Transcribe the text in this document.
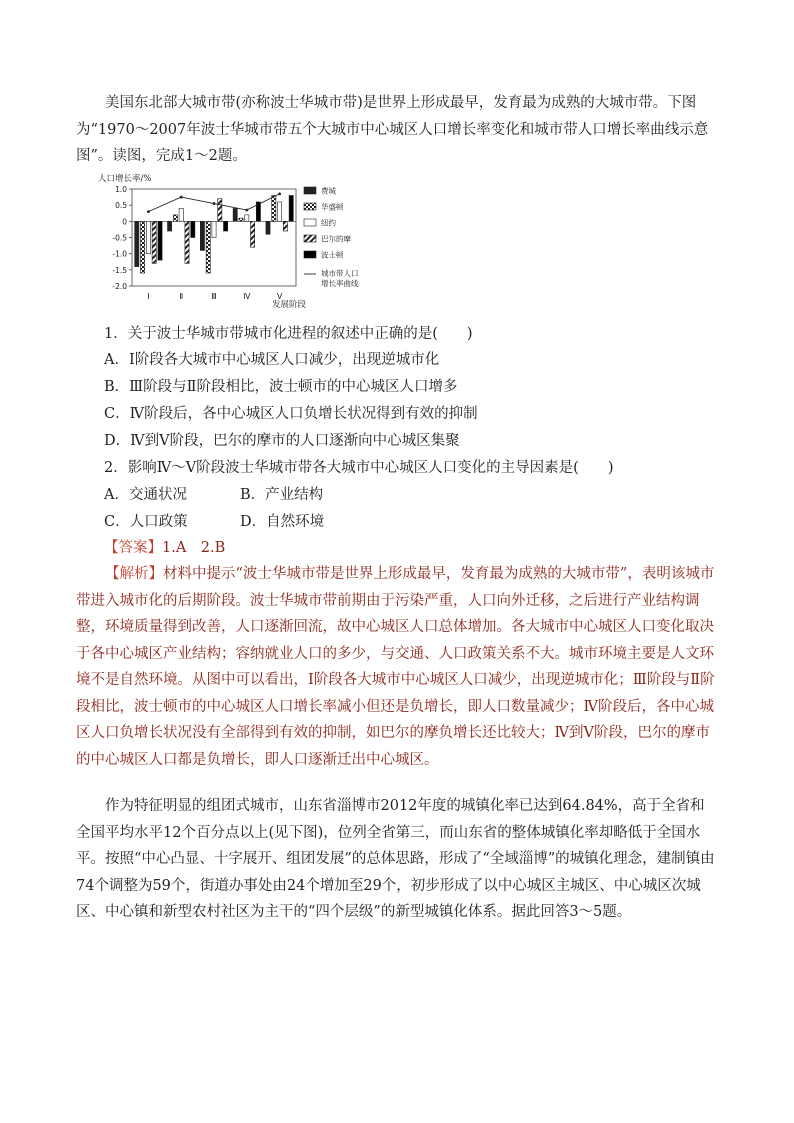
美国东北部大城市带(亦称波士华城市带)是世界上形成最早，发育最为成熟的大城市带。下图为“1970～2007年波士华城市带五个大城市中心城区人口增长率变化和城市带人口增长率曲线示意图”。读图，完成1～2题。
人口增长率/%
1.0
0.5
0
-0.5
-1.0
-1.5
-2.0
Ⅰ	Ⅱ	Ⅲ	Ⅳ	Ⅴ
发展阶段
费城
华盛顿
纽约
巴尔的摩
波士顿
城市带人口
增长率曲线
1．关于波士华城市带城市化进程的叙述中正确的是(　　)
A．Ⅰ阶段各大城市中心城区人口减少，出现逆城市化
B．Ⅲ阶段与Ⅱ阶段相比，波士顿市的中心城区人口增多
C．Ⅳ阶段后，各中心城区人口负增长状况得到有效的抑制
D．Ⅳ到Ⅴ阶段，巴尔的摩市的人口逐渐向中心城区集聚
2．影响Ⅳ～Ⅴ阶段波士华城市带各大城市中心城区人口变化的主导因素是(　　)
A．交通状况	B．产业结构
C．人口政策	D．自然环境
【答案】1.A　2.B
【解析】材料中提示“波士华城市带是世界上形成最早，发育最为成熟的大城市带”，表明该城市带进入城市化的后期阶段。波士华城市带前期由于污染严重，人口向外迁移，之后进行产业结构调整，环境质量得到改善，人口逐渐回流，故中心城区人口总体增加。各大城市中心城区人口变化取决于各中心城区产业结构；容纳就业人口的多少，与交通、人口政策关系不大。城市环境主要是人文环境不是自然环境。从图中可以看出，Ⅰ阶段各大城市中心城区人口减少，出现逆城市化；Ⅲ阶段与Ⅱ阶段相比，波士顿市的中心城区人口增长率减小但还是负增长，即人口数量减少；Ⅳ阶段后，各中心城区人口负增长状况没有全部得到有效的抑制，如巴尔的摩负增长还比较大；Ⅳ到Ⅴ阶段，巴尔的摩市的中心城区人口都是负增长，即人口逐渐迁出中心城区。
作为特征明显的组团式城市，山东省淄博市2012年度的城镇化率已达到64.84%，高于全省和全国平均水平12个百分点以上(见下图)，位列全省第三，而山东省的整体城镇化率却略低于全国水平。按照“中心凸显、十字展开、组团发展”的总体思路，形成了“全域淄博”的城镇化理念，建制镇由74个调整为59个，街道办事处由24个增加至29个，初步形成了以中心城区主城区、中心城区次城区、中心镇和新型农村社区为主干的“四个层级”的新型城镇化体系。据此回答3～5题。
